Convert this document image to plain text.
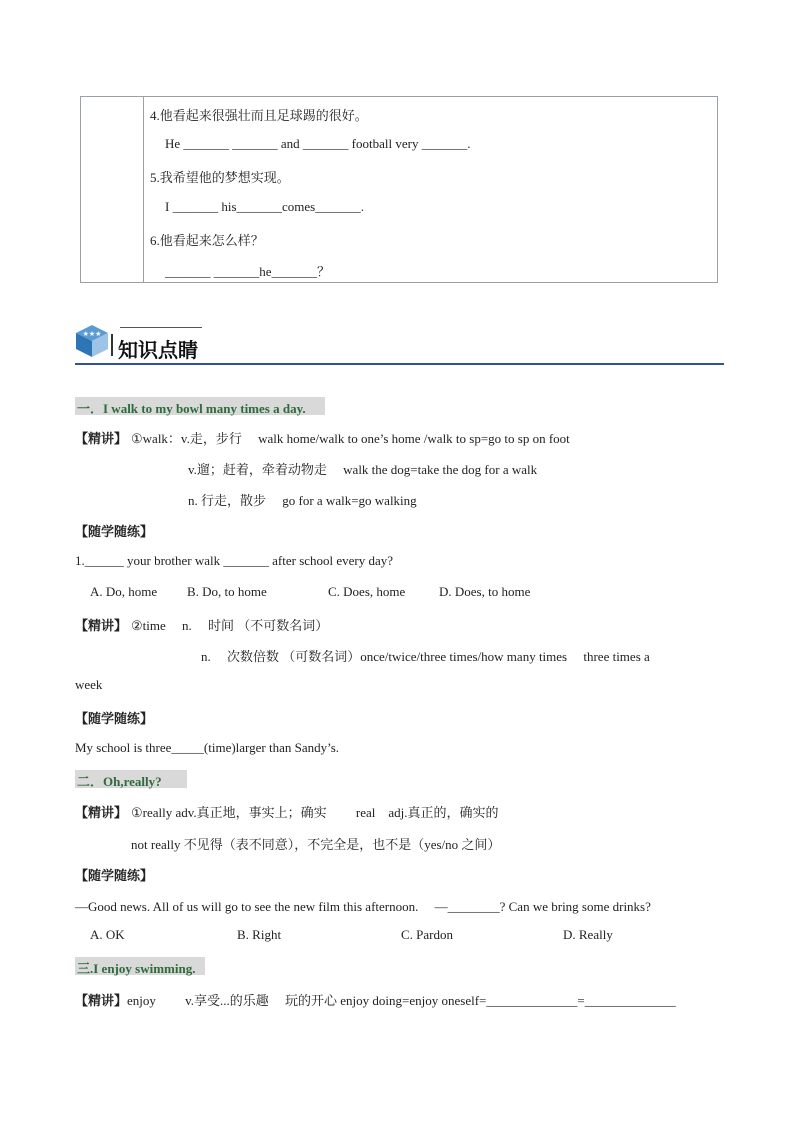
4.他看起来很强壮而且足球踢的很好。
He _______ _______ and _______ football very _______.
5.我希望他的梦想实现。
I _______ his_______comes_______.
6.他看起来怎么样？
_______ _______he_______？
★★★
知识点睛
一．I walk to my bowl many times a day.
【精讲】 ①walk：v.走，步行　 walk home/walk to one’s home /walk to sp=go to sp on foot
v.遛；赶着，牵着动物走　 walk the dog=take the dog for a walk
n. 行走，散步　 go for a walk=go walking
【随学随练】
1.______ your brother walk _______ after school every day?
A. Do, home B. Do, to home	C. Does, home	D. Does, to home
【精讲】 ②time　 n. 　时间 （不可数名词）
n. 　次数倍数 （可数名词）once/twice/three times/how many times　 three times a
week
【随学随练】
My school is three_____(time)larger than Sandy’s.
二．Oh,really?
【精讲】 ①really adv.真正地，事实上；确实　　 real　adj.真正的，确实的
not really 不见得（表不同意），不完全是，也不是（yes/no 之间）
【随学随练】
—Good news. All of us will go to see the new film this afternoon.　 —________? Can we bring some drinks?
A. OK	B. Right	C. Pardon	D. Really
三.I enjoy swimming.
【精讲】 enjoy　　 v.享受...的乐趣　 玩的开心 enjoy doing=enjoy oneself=______________=______________
